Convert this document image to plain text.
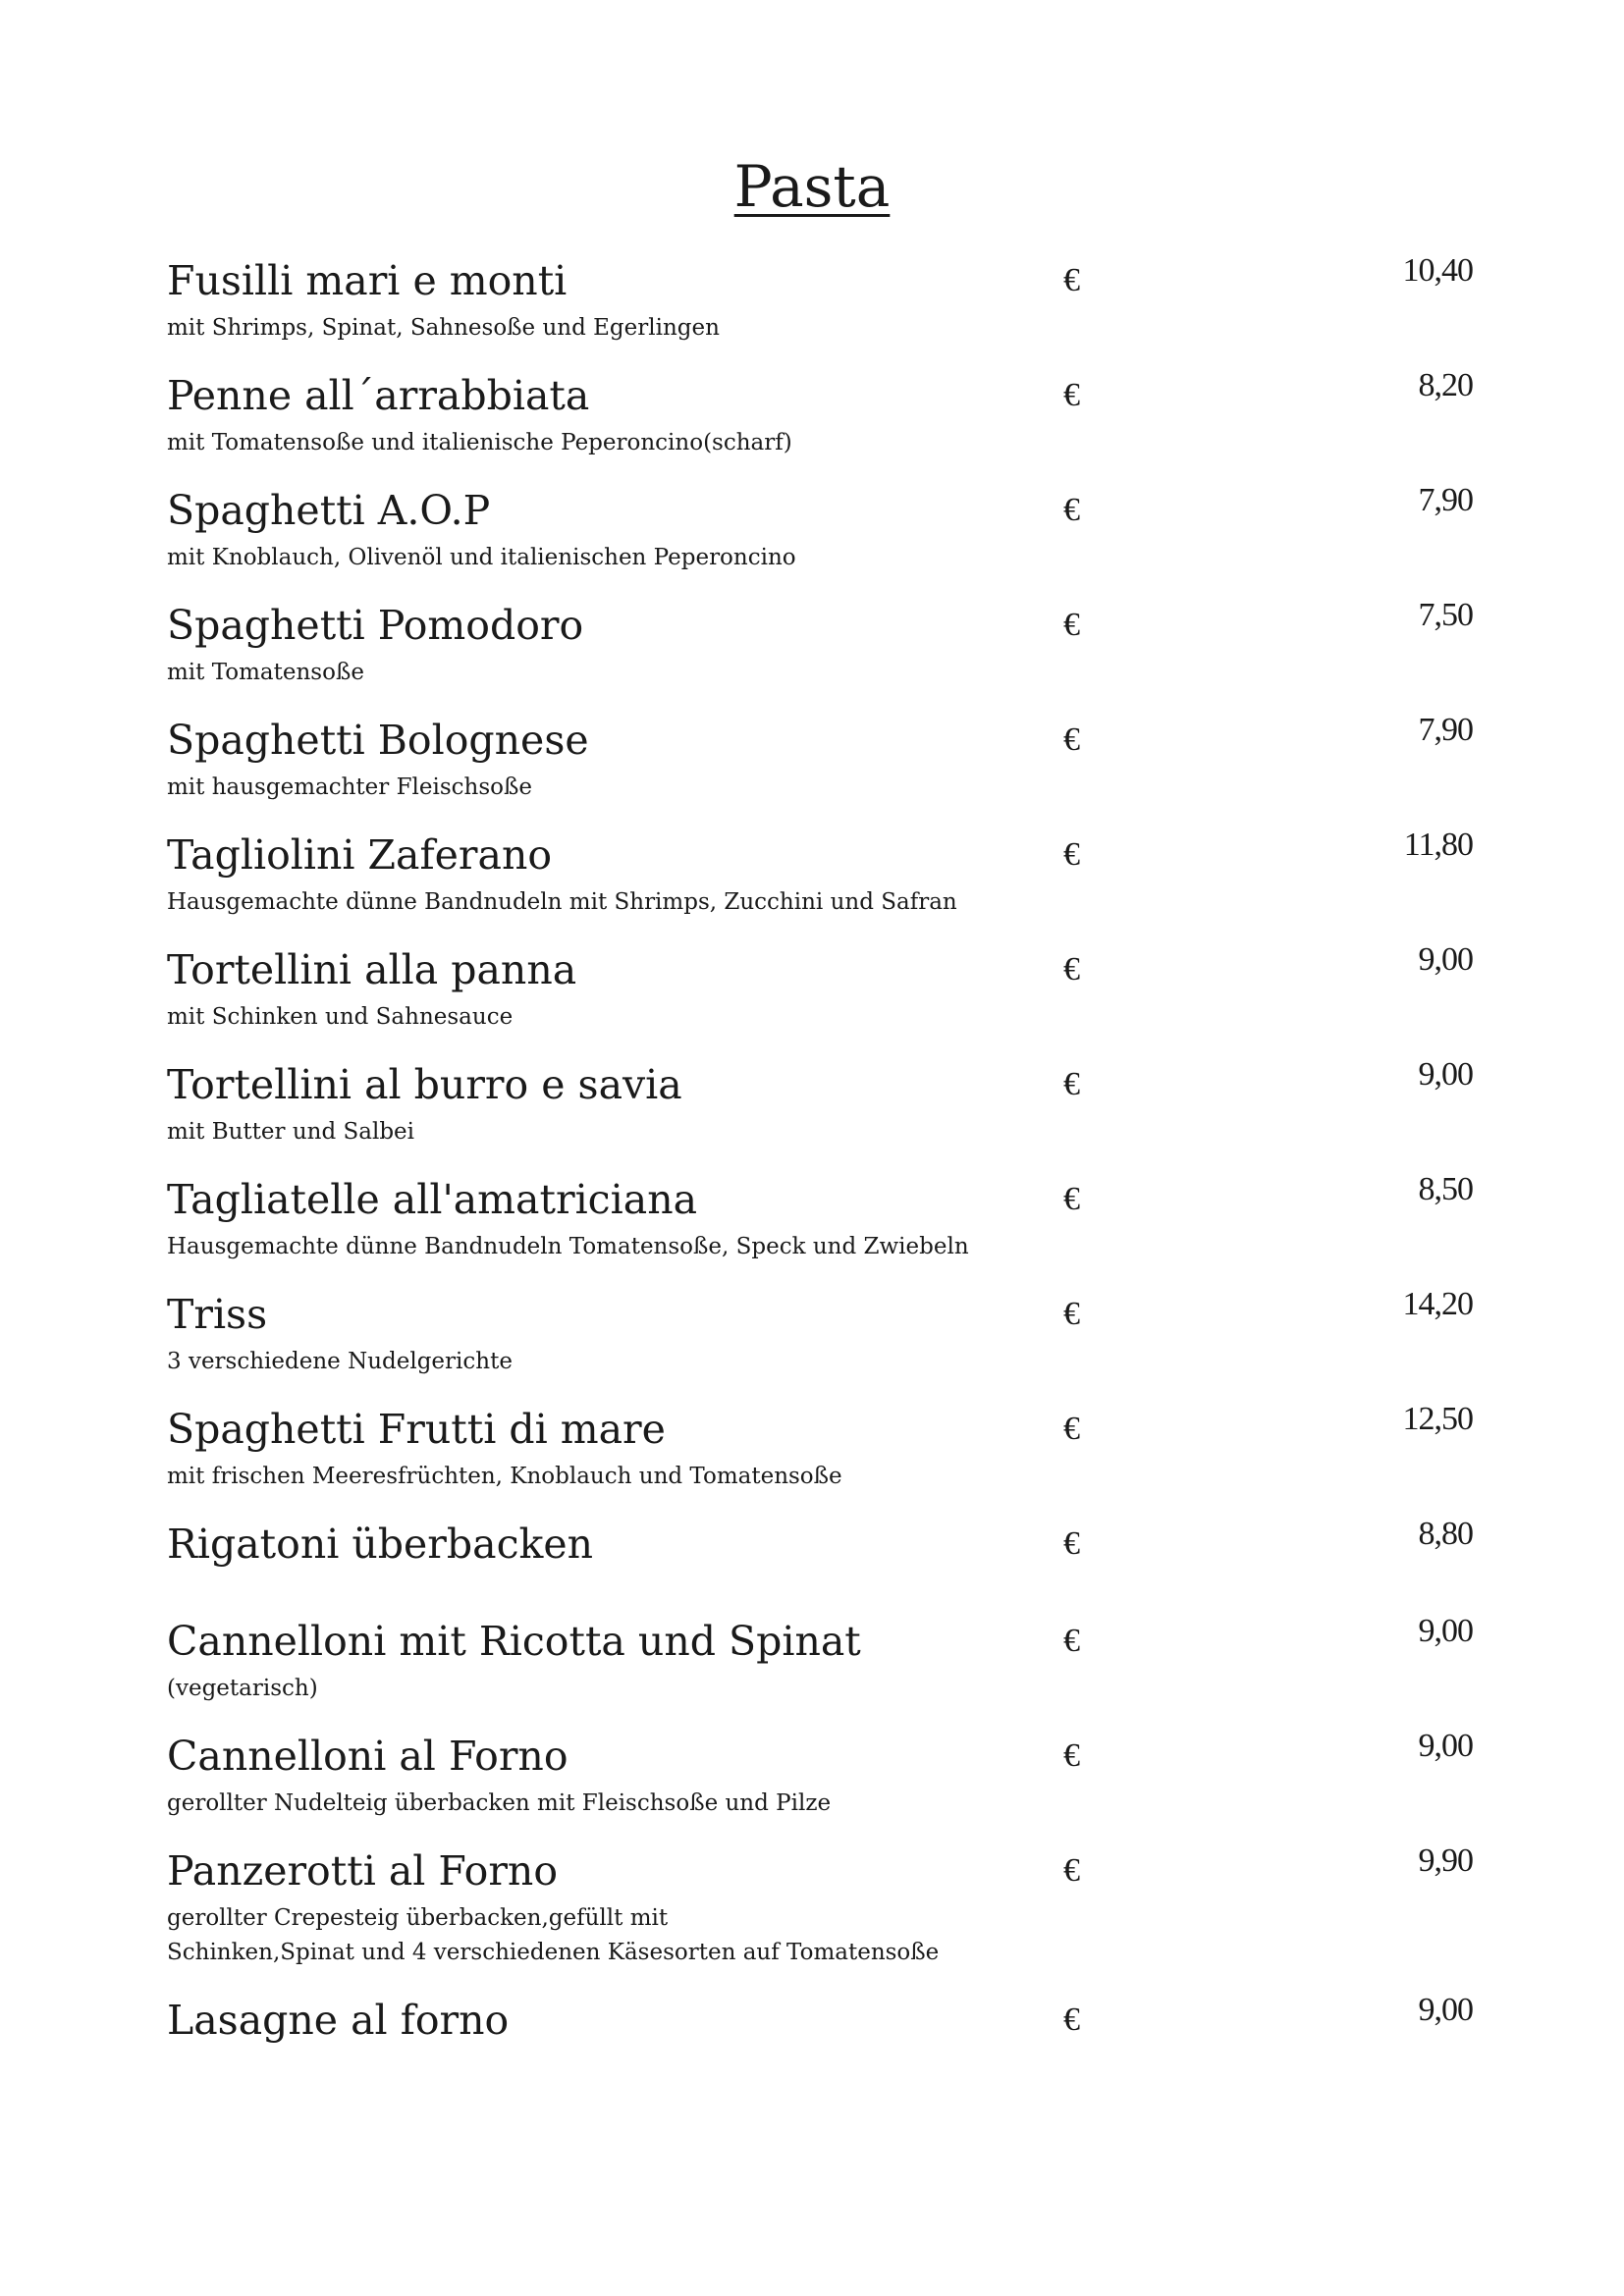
Pasta
Fusilli mari e monti
mit Shrimps, Spinat, Sahnesoße und Egerlingen
€	10,40
Penne all´arrabbiata
mit Tomatensoße und italienische Peperoncino(scharf)
€	8,20
Spaghetti A.O.P
mit Knoblauch, Olivenöl und italienischen Peperoncino
€	7,90
Spaghetti Pomodoro
mit Tomatensoße
€	7,50
Spaghetti Bolognese
mit hausgemachter Fleischsoße
€	7,90
Tagliolini Zaferano
Hausgemachte dünne Bandnudeln mit Shrimps, Zucchini und Safran
€	11,80
Tortellini alla panna
mit Schinken und Sahnesauce
€	9,00
Tortellini al burro e savia
mit Butter und Salbei
€	9,00
Tagliatelle all'amatriciana
Hausgemachte dünne Bandnudeln Tomatensoße, Speck und Zwiebeln
€	8,50
Triss
3 verschiedene Nudelgerichte
€	14,20
Spaghetti Frutti di mare
mit frischen Meeresfrüchten, Knoblauch und Tomatensoße
€	12,50
Rigatoni überbacken	€	8,80
Cannelloni mit Ricotta und Spinat
(vegetarisch)
€	9,00
Cannelloni al Forno
gerollter Nudelteig überbacken mit Fleischsoße und Pilze
€	9,00
Panzerotti al Forno
gerollter Crepesteig überbacken,gefüllt mit
Schinken,Spinat und 4 verschiedenen Käsesorten auf Tomatensoße
€	9,90
Lasagne al forno	€	9,00
